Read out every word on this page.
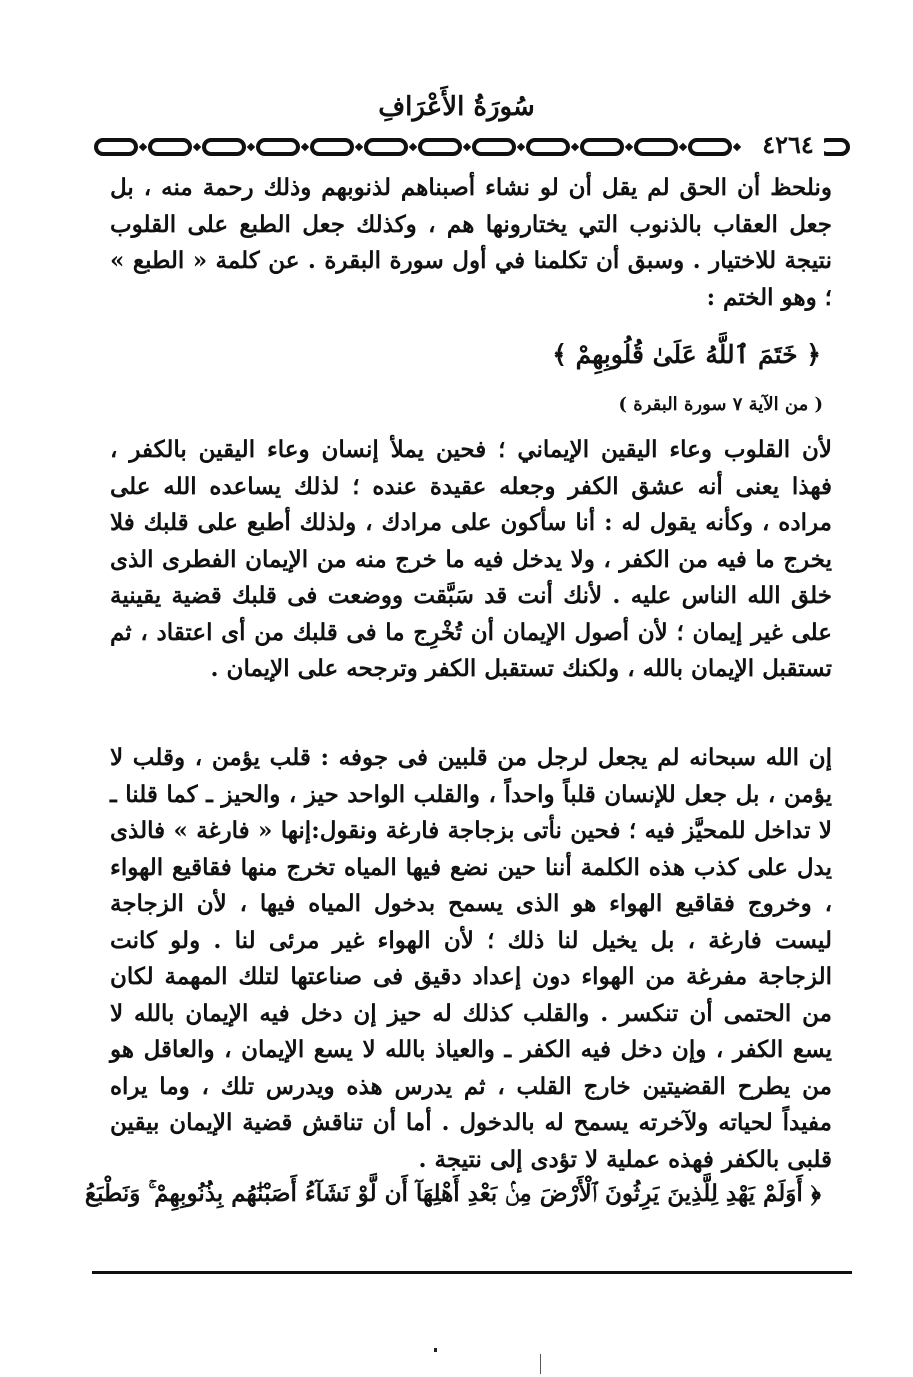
سُورَةُ الأَعْرَافِ
٤٢٦٤
ونلحظ أن الحق لم يقل أن لو نشاء أصبناهم لذنوبهم وذلك رحمة منه ، بل جعل العقاب بالذنوب التي يختارونها هم ، وكذلك جعل الطبع على القلوب نتيجة للاختيار . وسبق أن تكلمنا في أول سورة البقرة . عن كلمة « الطبع » ؛ وهو الختم :
﴿ خَتَمَ ٱللَّهُ عَلَىٰ قُلُوبِهِمْ ﴾
( من الآية ٧ سورة البقرة )
لأن القلوب وعاء اليقين الإيماني ؛ فحين يملأ إنسان وعاء اليقين بالكفر ، فهذا يعنى أنه عشق الكفر وجعله عقيدة عنده ؛ لذلك يساعده الله على مراده ، وكأنه يقول له : أنا سأكون على مرادك ، ولذلك أطبع على قلبك فلا يخرج ما فيه من الكفر ، ولا يدخل فيه ما خرج منه من الإيمان الفطرى الذى خلق الله الناس عليه . لأنك أنت قد سَبَّقت ووضعت فى قلبك قضية يقينية على غير إيمان ؛ لأن أصول الإيمان أن تُخْرِج ما فى قلبك من أى اعتقاد ، ثم تستقبل الإيمان بالله ، ولكنك تستقبل الكفر وترجحه على الإيمان .
إن الله سبحانه لم يجعل لرجل من قلبين فى جوفه : قلب يؤمن ، وقلب لا يؤمن ، بل جعل للإنسان قلباً واحداً ، والقلب الواحد حيز ، والحيز ـ كما قلنا ـ لا تداخل للمحيَّز فيه ؛ فحين نأتى بزجاجة فارغة ونقول:إنها « فارغة » فالذى يدل على كذب هذه الكلمة أننا حين نضع فيها المياه تخرج منها فقاقيع الهواء ، وخروج فقاقيع الهواء هو الذى يسمح بدخول المياه فيها ، لأن الزجاجة ليست فارغة ، بل يخيل لنا ذلك ؛ لأن الهواء غير مرئى لنا . ولو كانت الزجاجة مفرغة من الهواء دون إعداد دقيق فى صناعتها لتلك المهمة لكان من الحتمى أن تنكسر . والقلب كذلك له حيز إن دخل فيه الإيمان بالله لا يسع الكفر ، وإن دخل فيه الكفر ـ والعياذ بالله لا يسع الإيمان ، والعاقل هو من يطرح القضيتين خارج القلب ، ثم يدرس هذه ويدرس تلك ، وما يراه مفيداً لحياته ولآخرته يسمح له بالدخول . أما أن تناقش قضية الإيمان بيقين قلبى بالكفر فهذه عملية لا تؤدى إلى نتيجة .
﴿ أَوَلَمْ يَهْدِ لِلَّذِينَ يَرِثُونَ ٱلْأَرْضَ مِنۢ بَعْدِ أَهْلِهَآ أَن لَّوْ نَشَآءُ أَصَبْنَٰهُم بِذُنُوبِهِمْ ۚ وَنَطْبَعُ
